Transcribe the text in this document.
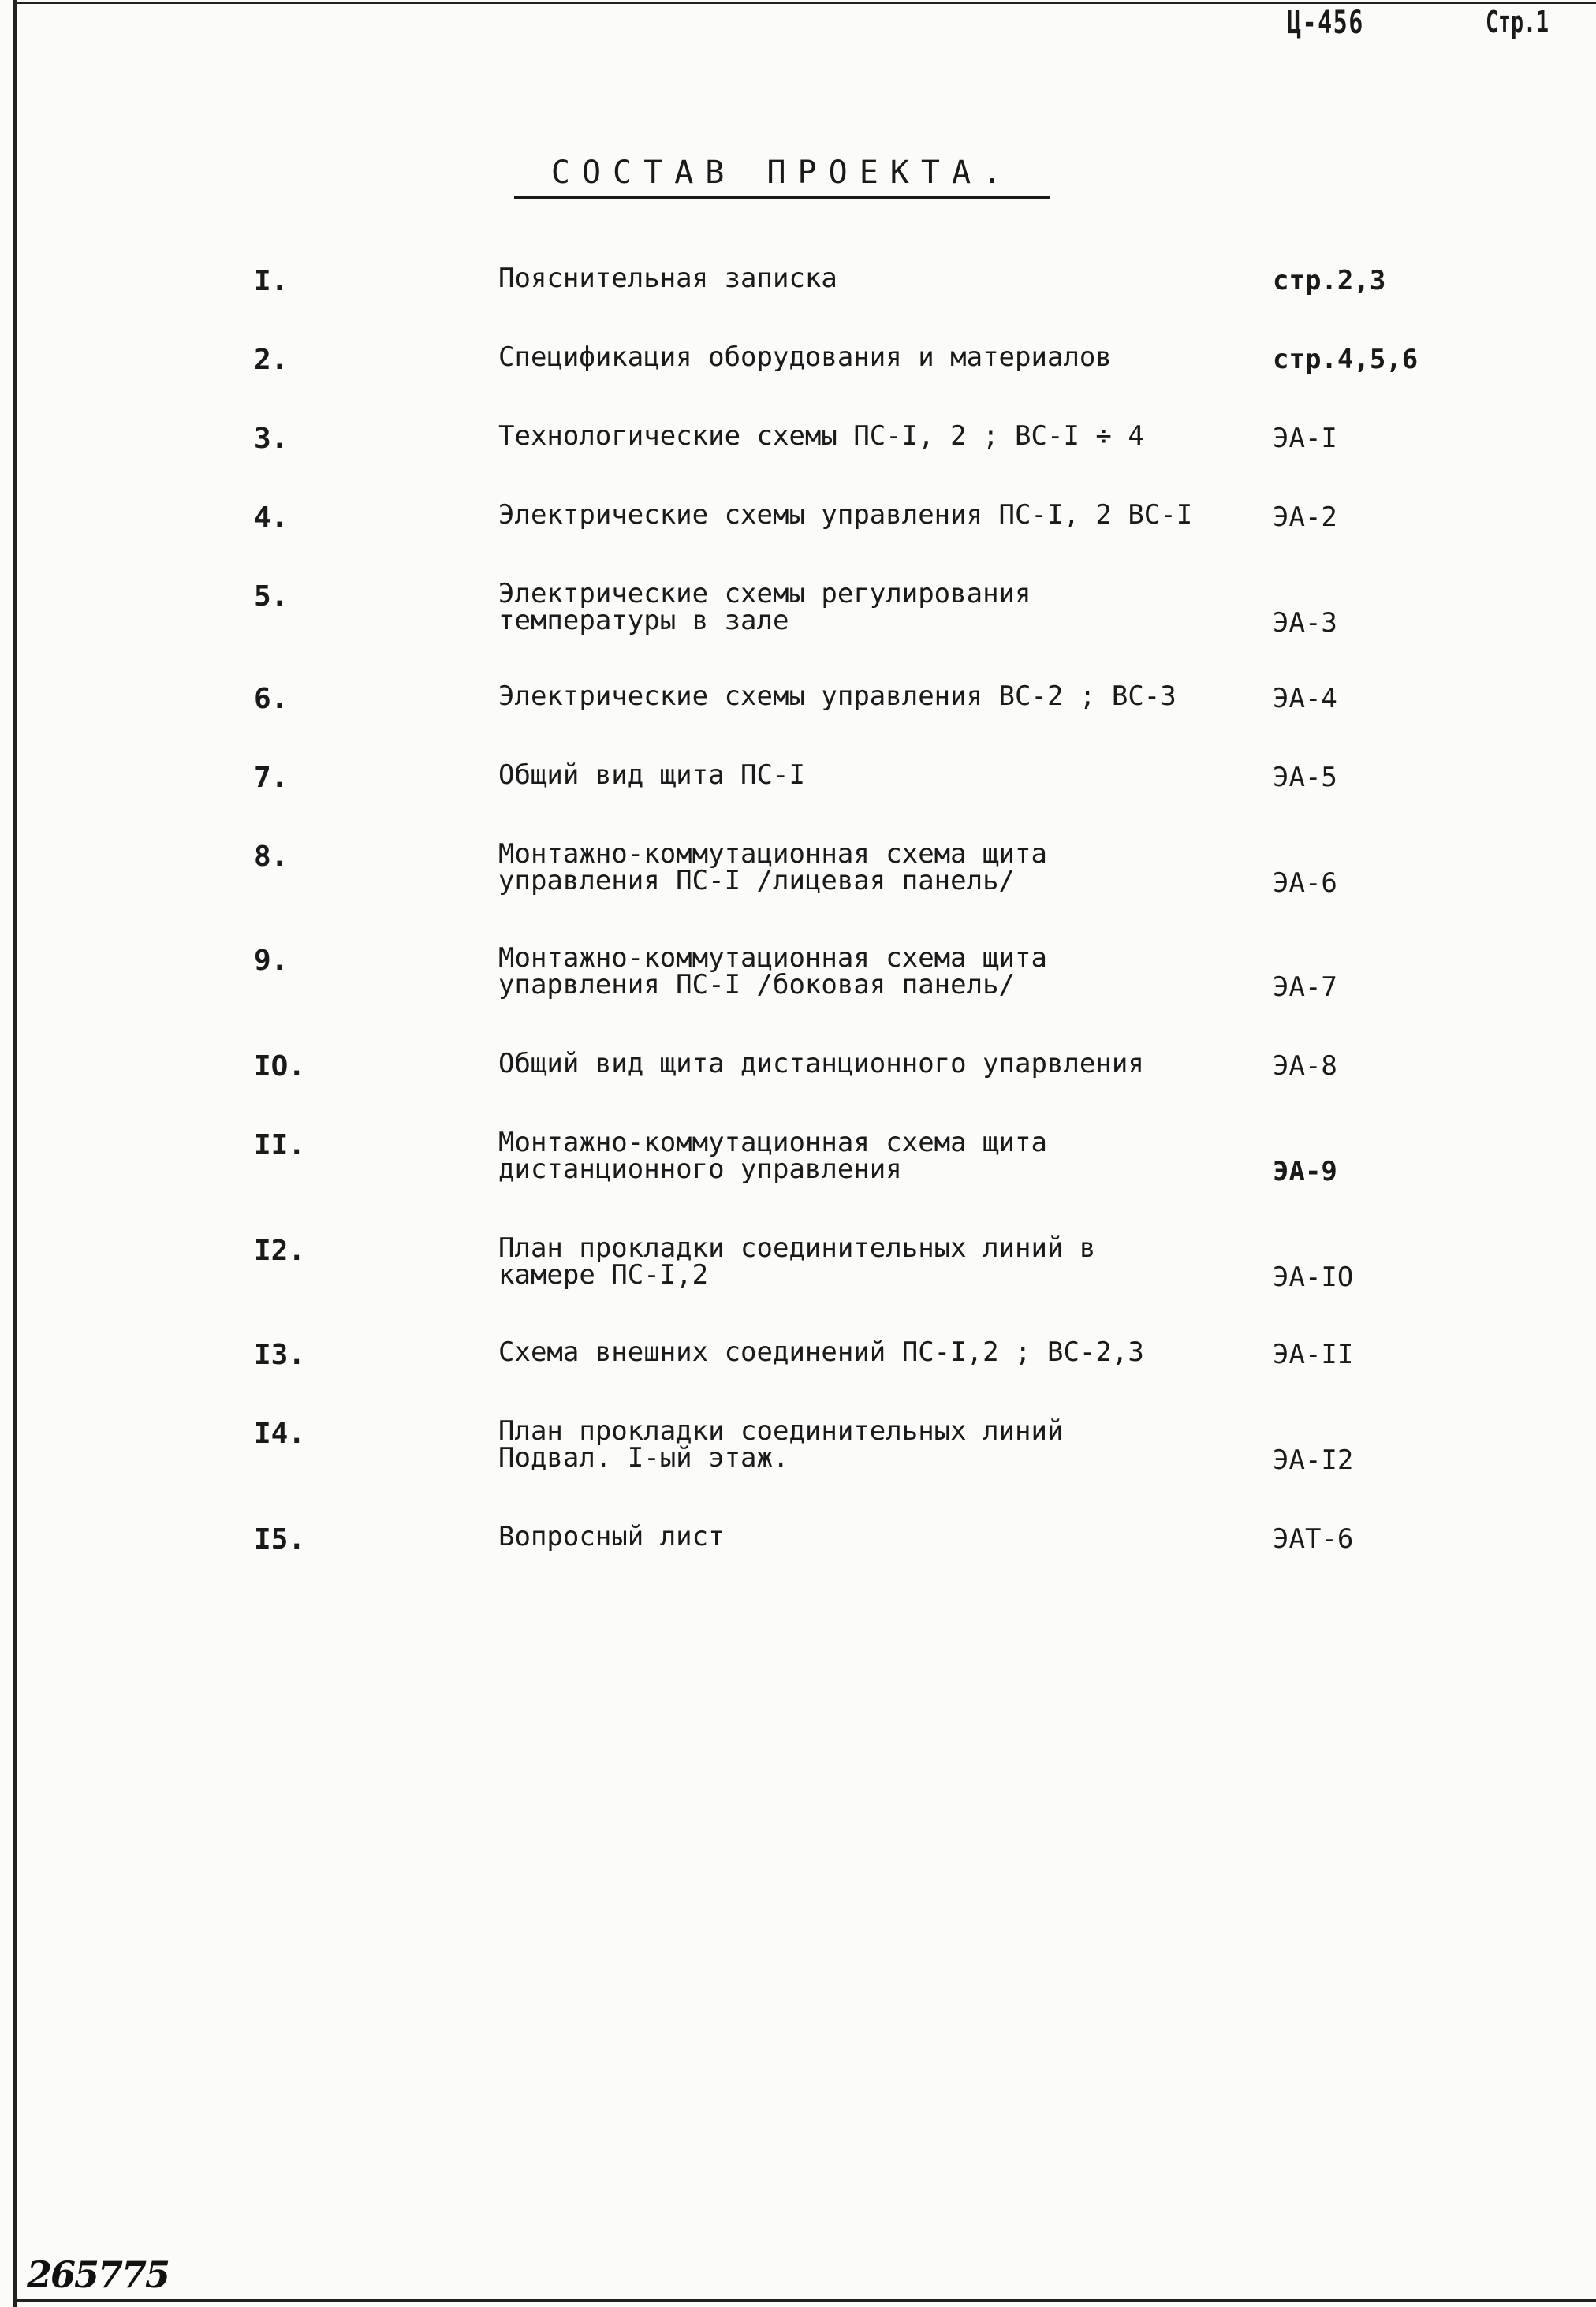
Ц-456	Стр.1
СОСТАВ ПРОЕКТА.
I.	Пояснительная записка	стр.2,3
2.	Спецификация оборудования и материалов	стр.4,5,6
3.	Технологические схемы ПС-I, 2 ; ВС-I ÷ 4	ЭА-I
4.	Электрические схемы управления ПС-I, 2 ВС-I	ЭА-2
5.	Электрические схемы регулирования
температуры в зале	ЭА-3
6.	Электрические схемы управления ВС-2 ; ВС-3	ЭА-4
7.	Общий вид щита ПС-I	ЭА-5
8.	Монтажно-коммутационная схема щита
управления ПС-I /лицевая панель/	ЭА-6
9.	Монтажно-коммутационная схема щита
упарвления ПС-I /боковая панель/	ЭА-7
IO.	Общий вид щита дистанционного упарвления	ЭА-8
II.	Монтажно-коммутационная схема щита
дистанционного управления	ЭА-9
I2.	План прокладки соединительных линий в
камере ПС-I,2	ЭА-IO
I3.	Схема внешних соединений ПС-I,2 ; ВС-2,3	ЭА-II
I4.	План прокладки соединительных линий
Подвал. I-ый этаж.	ЭА-I2
I5.	Вопросный лист	ЭАТ-6
265775
